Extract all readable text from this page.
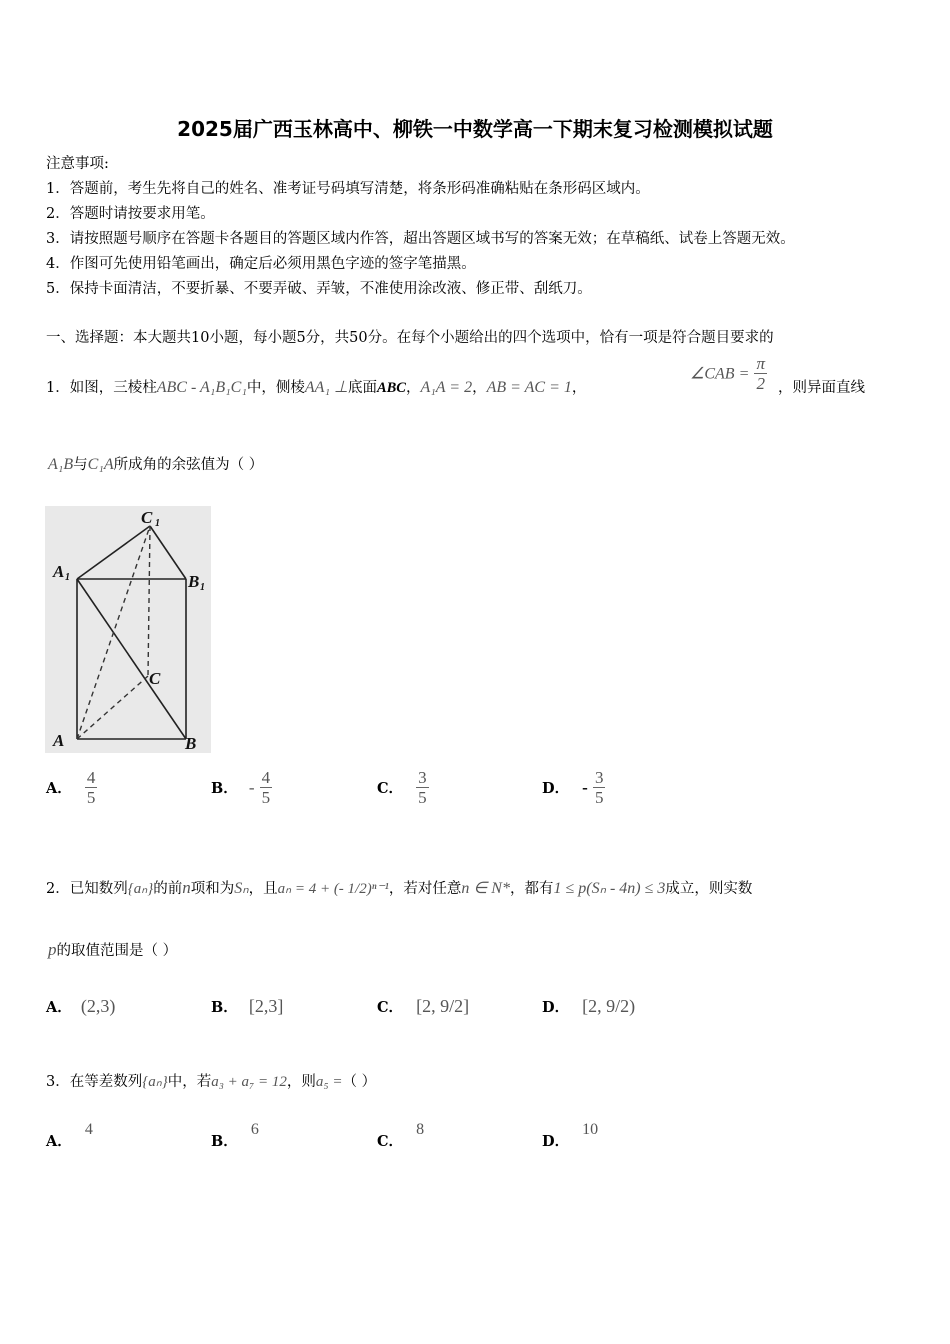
2025届广西玉林高中、柳铁一中数学高一下期末复习检测模拟试题
注意事项:
1．答题前，考生先将自己的姓名、准考证号码填写清楚，将条形码准确粘贴在条形码区域内。
2．答题时请按要求用笔。
3．请按照题号顺序在答题卡各题目的答题区域内作答，超出答题区域书写的答案无效；在草稿纸、试卷上答题无效。
4．作图可先使用铅笔画出，确定后必须用黑色字迹的签字笔描黑。
5．保持卡面清洁，不要折暴、不要弄破、弄皱，不准使用涂改液、修正带、刮纸刀。
一、选择题：本大题共10小题，每小题5分，共50分。在每个小题给出的四个选项中，恰有一项是符合题目要求的
1．如图，三棱柱ABC - A₁B₁C₁中，侧棱AA₁ ⊥底面ABC，A₁A = 2，AB = AC = 1，
∠CAB = $\frac{\pi}{2}$ ，则异面直线
A₁B与C₁A所成角的余弦值为（ ）
C 1
A 1	B 1
C
A	B
A． $\frac{4}{5}$	B． - $\frac{4}{5}$	C． $\frac{3}{5}$	D． - $\frac{3}{5}$
2．已知数列{aₙ}的前n项和为Sₙ，且aₙ = 4 + (- 1/2)ⁿ⁻¹，若对任意n ∈ N*，都有1 ≤ p(Sₙ - 4n) ≤ 3成立，则实数
p的取值范围是（ ）
A． (2,3)	B． [2,3]	C． [2, 9/2]	D． [2, 9/2)
3．在等差数列{aₙ}中，若a₃ + a₇ = 12，则a₅ =（ ）
A． 4
B． 6
C． 8
D． 10
